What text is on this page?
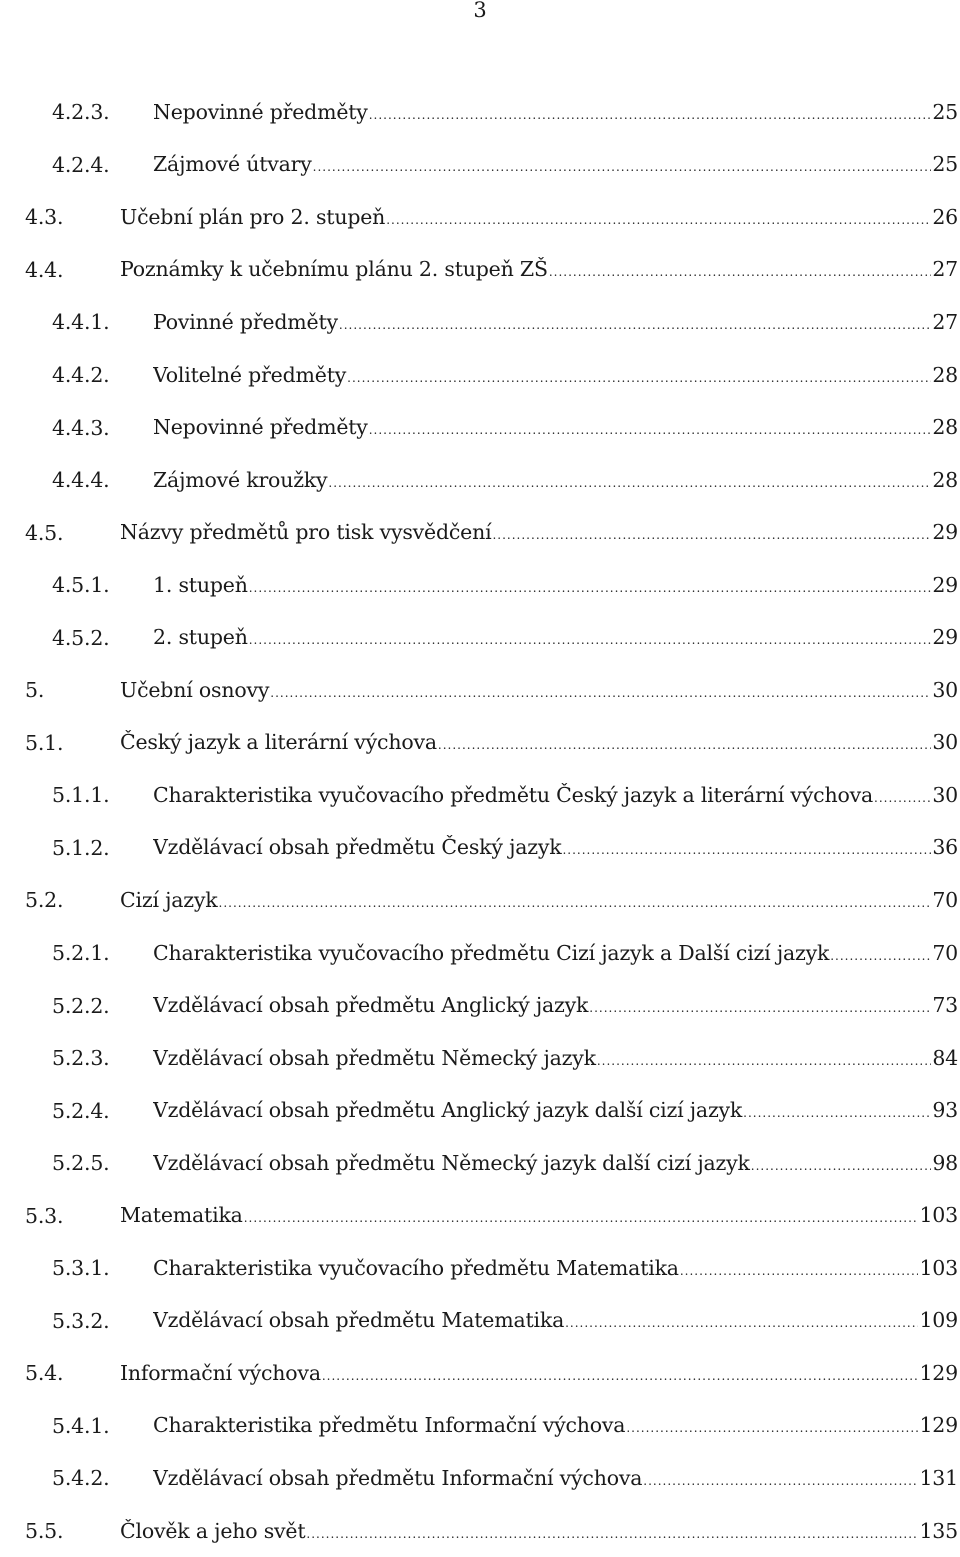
3
4.2.3. Nepovinné předměty .....	25
4.2.4. Zájmové útvary .....	25
4.3.	Učební plán pro 2. stupeň .....	26
4.4.	Poznámky k učebnímu plánu 2. stupeň ZŠ .....	27
4.4.1. Povinné předměty .....	27
4.4.2. Volitelné předměty .....	28
4.4.3. Nepovinné předměty .....	28
4.4.4. Zájmové kroužky .....	28
4.5.	Názvy předmětů pro tisk vysvědčení .....	29
4.5.1. 1. stupeň .....	29
4.5.2. 2. stupeň .....	29
5.	Učební osnovy .....	30
5.1.	Český jazyk a literární výchova .....	30
5.1.1. Charakteristika vyučovacího předmětu Český jazyk a literární výchova .....	30
5.1.2. Vzdělávací obsah předmětu Český jazyk .....	36
5.2.	Cizí jazyk .....	70
5.2.1. Charakteristika vyučovacího předmětu Cizí jazyk a Další cizí jazyk .....	70
5.2.2. Vzdělávací obsah předmětu Anglický jazyk .....	73
5.2.3. Vzdělávací obsah předmětu Německý jazyk .....	84
5.2.4. Vzdělávací obsah předmětu Anglický jazyk další cizí jazyk .....	93
5.2.5. Vzdělávací obsah předmětu Německý jazyk další cizí jazyk .....	98
5.3.	Matematika .....	103
5.3.1. Charakteristika vyučovacího předmětu Matematika .....	103
5.3.2. Vzdělávací obsah předmětu Matematika .....	109
5.4.	Informační výchova .....	129
5.4.1. Charakteristika předmětu Informační výchova .....	129
5.4.2. Vzdělávací obsah předmětu Informační výchova .....	131
5.5.	Člověk a jeho svět .....	135
